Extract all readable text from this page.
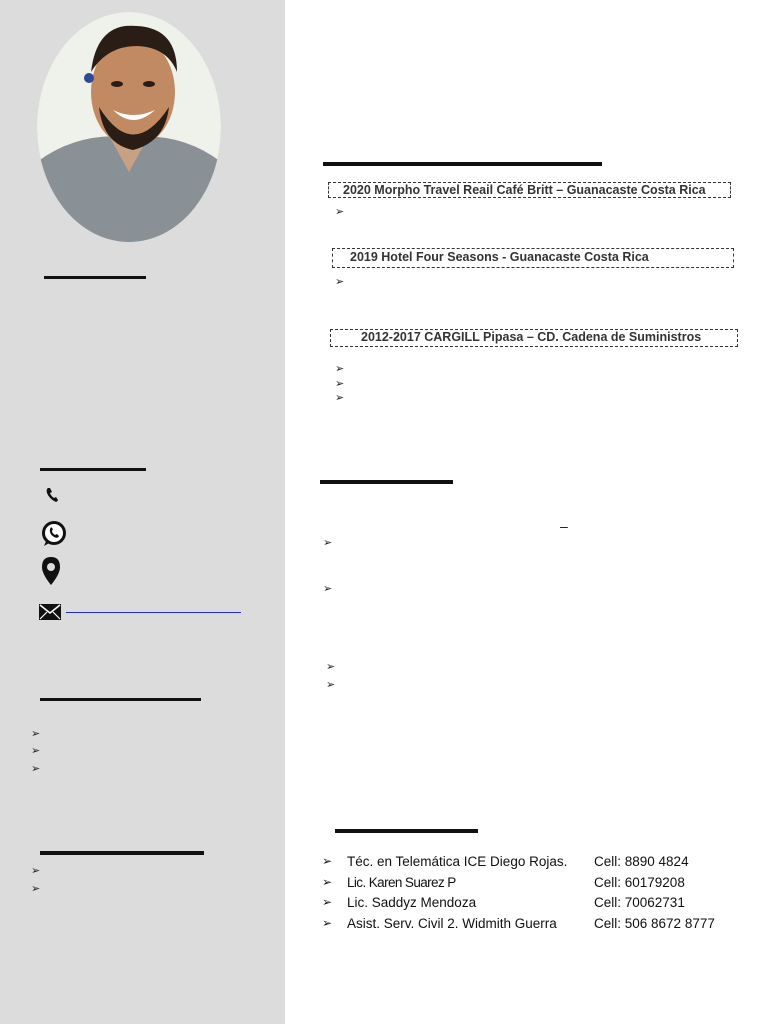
➢
➢
➢
➢
➢
2020 Morpho Travel Reail Café Britt – Guanacaste Costa Rica
➢
2019 Hotel Four Seasons - Guanacaste Costa Rica
➢
2012-2017 CARGILL Pipasa – CD. Cadena de Suministros
➢
➢
➢
–
➢
➢
➢
➢
➢ Téc. en Telemática ICE Diego Rojas. Cell: 8890 4824
➢ Lic. Karen Suarez P	Cell: 60179208
➢ Lic. Saddyz Mendoza	Cell: 70062731
➢ Asist. Serv. Civil 2. Widmith Guerra	Cell: 506 8672 8777
